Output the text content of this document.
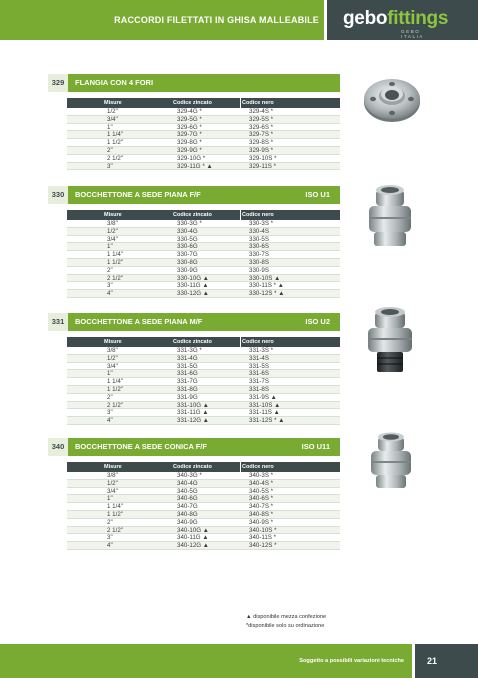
RACCORDI FILETTATI IN GHISA MALLEABILE gebofittings
GEBO ITALIA
329	FLANGIA CON 4 FORI
Misure	Codice zincato	Codice nero
1/2"	329-4G *	329-4S *
3/4"	329-5G *	329-5S *
1"	329-6G *	329-6S *
1 1/4"	329-7G *	329-7S *
1 1/2"	329-8G *	329-8S *
2"	329-9G *	329-9S *
2 1/2"	329-10G *	329-10S *
3"	329-11G * ▲	329-11S *
330	BOCCHETTONE A SEDE PIANA F/F	ISO U1
Misure	Codice zincato	Codice nero
3/8"	330-3G *	330-3S *
1/2"	330-4G	330-4S
3/4"	330-5G	330-5S
1"	330-6G	330-6S
1 1/4"	330-7G	330-7S
1 1/2"	330-8G	330-8S
2"	330-9G	330-9S
2 1/2"	330-10G ▲	330-10S ▲
3"	330-11G ▲	330-11S * ▲
4"	330-12G ▲	330-12S * ▲
331	BOCCHETTONE A SEDE PIANA M/F	ISO U2
Misure	Codice zincato	Codice nero
3/8"	331-3G *	331-3S *
1/2"	331-4G	331-4S
3/4"	331-5G	331-5S
1"	331-6G	331-6S
1 1/4"	331-7G	331-7S
1 1/2"	331-8G	331-8S
2"	331-9G	331-9S ▲
2 1/2"	331-10G ▲	331-10S ▲
3"	331-11G ▲	331-11S ▲
4"	331-12G ▲	331-12S * ▲
340	BOCCHETTONE A SEDE CONICA F/F	ISO U11
Misure	Codice zincato	Codice nero
3/8"	340-3G *	340-3S *
1/2"	340-4G	340-4S *
3/4"	340-5G	340-5S *
1"	340-6G	340-6S *
1 1/4"	340-7G	340-7S *
1 1/2"	340-8G	340-8S *
2"	340-9G	340-9S *
2 1/2"	340-10G ▲	340-10S *
3"	340-11G ▲	340-11S *
4"	340-12G ▲	340-12S *
▲ disponibile mezza confezione
*disponibile solo su ordinazione
Soggetto a possibili variazioni tecniche	21
